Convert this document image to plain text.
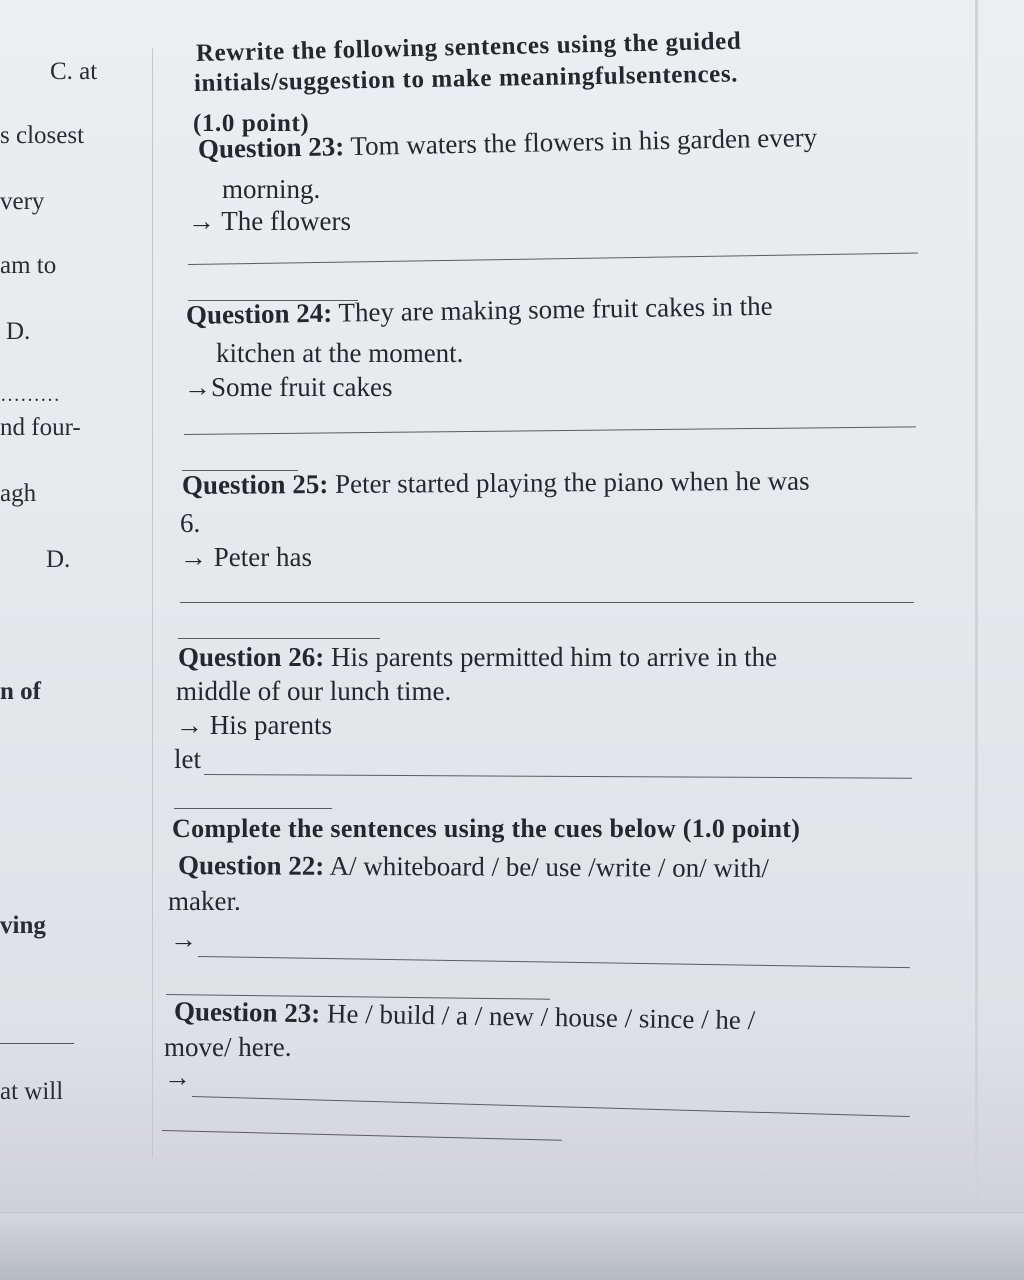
C. at
s closest
very
am to
D.
………
nd four-
agh
D.
n of
ving
at will
Rewrite the following sentences using the guided
initials/suggestion to make meaningfulsentences.
(1.0 point)
Question 23: Tom waters the flowers in his garden every
morning.
→ The flowers
Question 24: They are making some fruit cakes in the
kitchen at the moment.
→Some fruit cakes
Question 25: Peter started playing the piano when he was
6.
→ Peter has
Question 26: His parents permitted him to arrive in the
middle of our lunch time.
→ His parents
let
Complete the sentences using the cues below (1.0 point)
Question 22: A/ whiteboard / be/ use /write / on/ with/
maker.
→
Question 23: He / build / a / new / house / since / he /
move/ here.
→
